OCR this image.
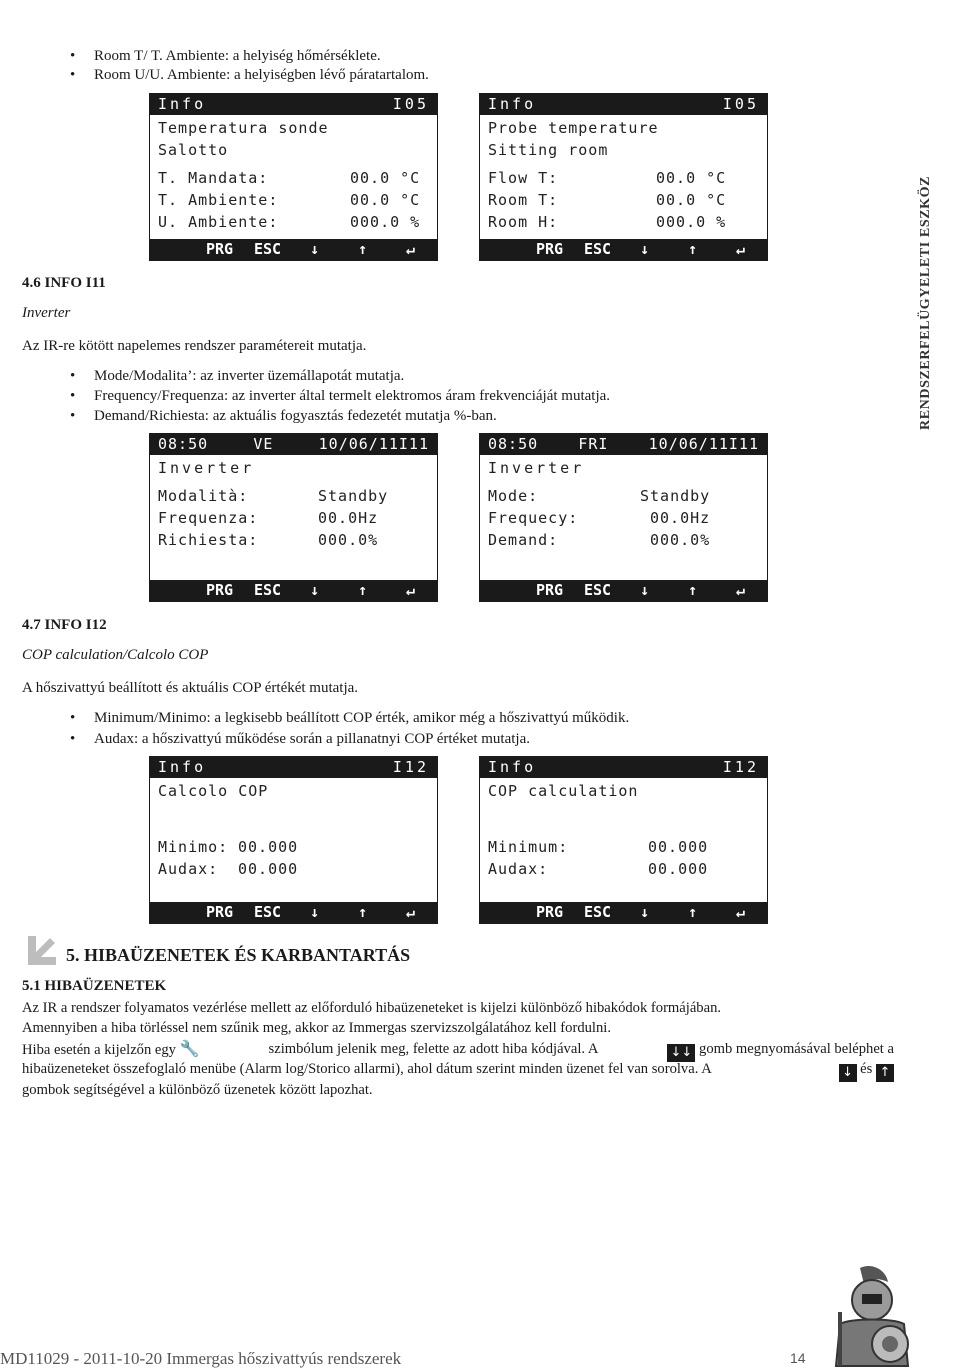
• Room T/ T. Ambiente: a helyiség hőmérséklete.
• Room U/U. Ambiente: a helyiségben lévő páratartalom.
Info	I05
Temperatura sonde
Salotto
T. Mandata:	00.0 °C
T. Ambiente:	00.0 °C
U. Ambiente:	000.0 %
PRG ESC ↓	↑	↵
Info	I05
Probe temperature
Sitting room
Flow T:	00.0 °C
Room T:	00.0 °C
Room H:	000.0 %
PRG ESC ↓	↑	↵
4.6 INFO I11
Inverter
Az IR-re kötött napelemes rendszer paramétereit mutatja.
• Mode/Modalita’: az inverter üzemállapotát mutatja.
• Frequency/Frequenza: az inverter által termelt elektromos áram frekvenciáját mutatja.
• Demand/Richiesta: az aktuális fogyasztás fedezetét mutatja %-ban.
08:50	VE	10/06/11I11
Inverter
Modalità:	Standby
Frequenza:	00.0Hz
Richiesta:	000.0%
PRG ESC ↓	↑	↵
08:50	FRI	10/06/11I11
Inverter
Mode:	Standby
Frequecy:	00.0Hz
Demand:	000.0%
PRG ESC ↓	↑	↵
4.7 INFO I12
COP calculation/Calcolo COP
A hőszivattyú beállított és aktuális COP értékét mutatja.
• Minimum/Minimo: a legkisebb beállított COP érték, amikor még a hőszivattyú működik.
• Audax: a hőszivattyú működése során a pillanatnyi COP értéket mutatja.
Info	I12
Calcolo COP
Minimo: 00.000
Audax: 00.000
PRG ESC ↓	↑	↵
Info	I12
COP calculation
Minimum:	00.000
Audax:	00.000
PRG ESC ↓	↑	↵
5. HIBAÜZENETEK ÉS KARBANTARTÁS
5.1 HIBAÜZENETEK
Az IR a rendszer folyamatos vezérlése mellett az előforduló hibaüzeneteket is kijelzi különböző hibakódok formájában.
Amennyiben a hiba törléssel nem szűnik meg, akkor az Immergas szervizszolgálatához kell fordulni.
Hiba esetén a kijelzőn egy 🔧	szimbólum jelenik meg, felette az adott hiba kódjával. A	↓↓ gomb megnyomásával beléphet a
hibaüzeneteket összefoglaló menübe (Alarm log/Storico allarmi), ahol dátum szerint minden üzenet fel van sorolva. A	↓ és ↑
gombok segítségével a különböző üzenetek között lapozhat.
RENDSZERFELÜGYELETI ESZKÖZ
MD11029 - 2011-10-20 Immergas hőszivattyús rendszerek	14
